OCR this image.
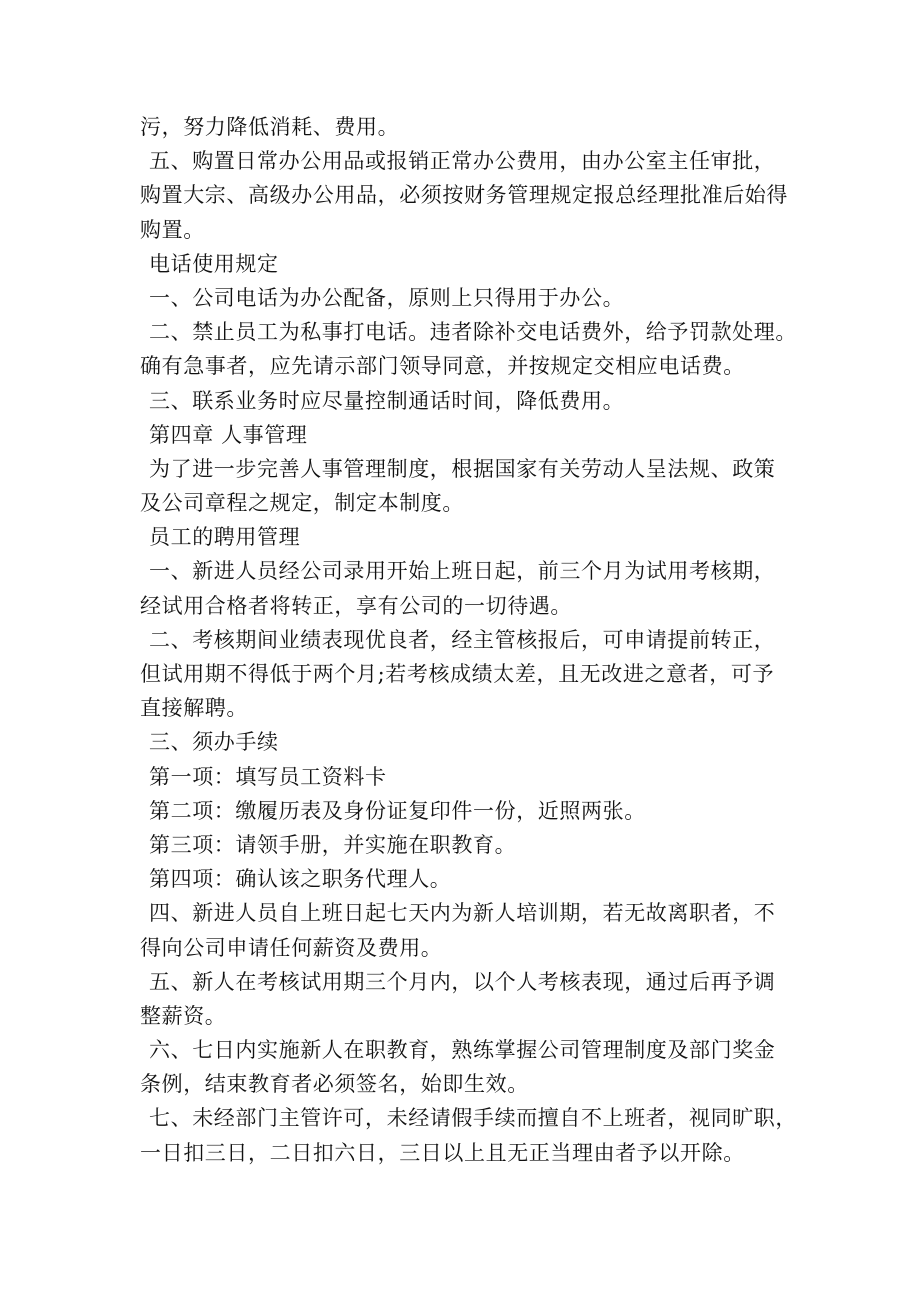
污，努力降低消耗、费用。
五、购置日常办公用品或报销正常办公费用，由办公室主任审批，
购置大宗、高级办公用品，必须按财务管理规定报总经理批准后始得
购置。
电话使用规定
一、公司电话为办公配备，原则上只得用于办公。
二、禁止员工为私事打电话。违者除补交电话费外，给予罚款处理。
确有急事者，应先请示部门领导同意，并按规定交相应电话费。
三、联系业务时应尽量控制通话时间，降低费用。
第四章 人事管理
为了进一步完善人事管理制度，根据国家有关劳动人呈法规、政策
及公司章程之规定，制定本制度。
员工的聘用管理
一、新进人员经公司录用开始上班日起，前三个月为试用考核期，
经试用合格者将转正，享有公司的一切待遇。
二、考核期间业绩表现优良者，经主管核报后，可申请提前转正，
但试用期不得低于两个月;若考核成绩太差，且无改进之意者，可予
直接解聘。
三、须办手续
第一项：填写员工资料卡
第二项：缴履历表及身份证复印件一份，近照两张。
第三项：请领手册，并实施在职教育。
第四项：确认该之职务代理人。
四、新进人员自上班日起七天内为新人培训期，若无故离职者，不
得向公司申请任何薪资及费用。
五、新人在考核试用期三个月内，以个人考核表现，通过后再予调
整薪资。
六、七日内实施新人在职教育，熟练掌握公司管理制度及部门奖金
条例，结束教育者必须签名，始即生效。
七、未经部门主管许可，未经请假手续而擅自不上班者，视同旷职，
一日扣三日，二日扣六日，三日以上且无正当理由者予以开除。
